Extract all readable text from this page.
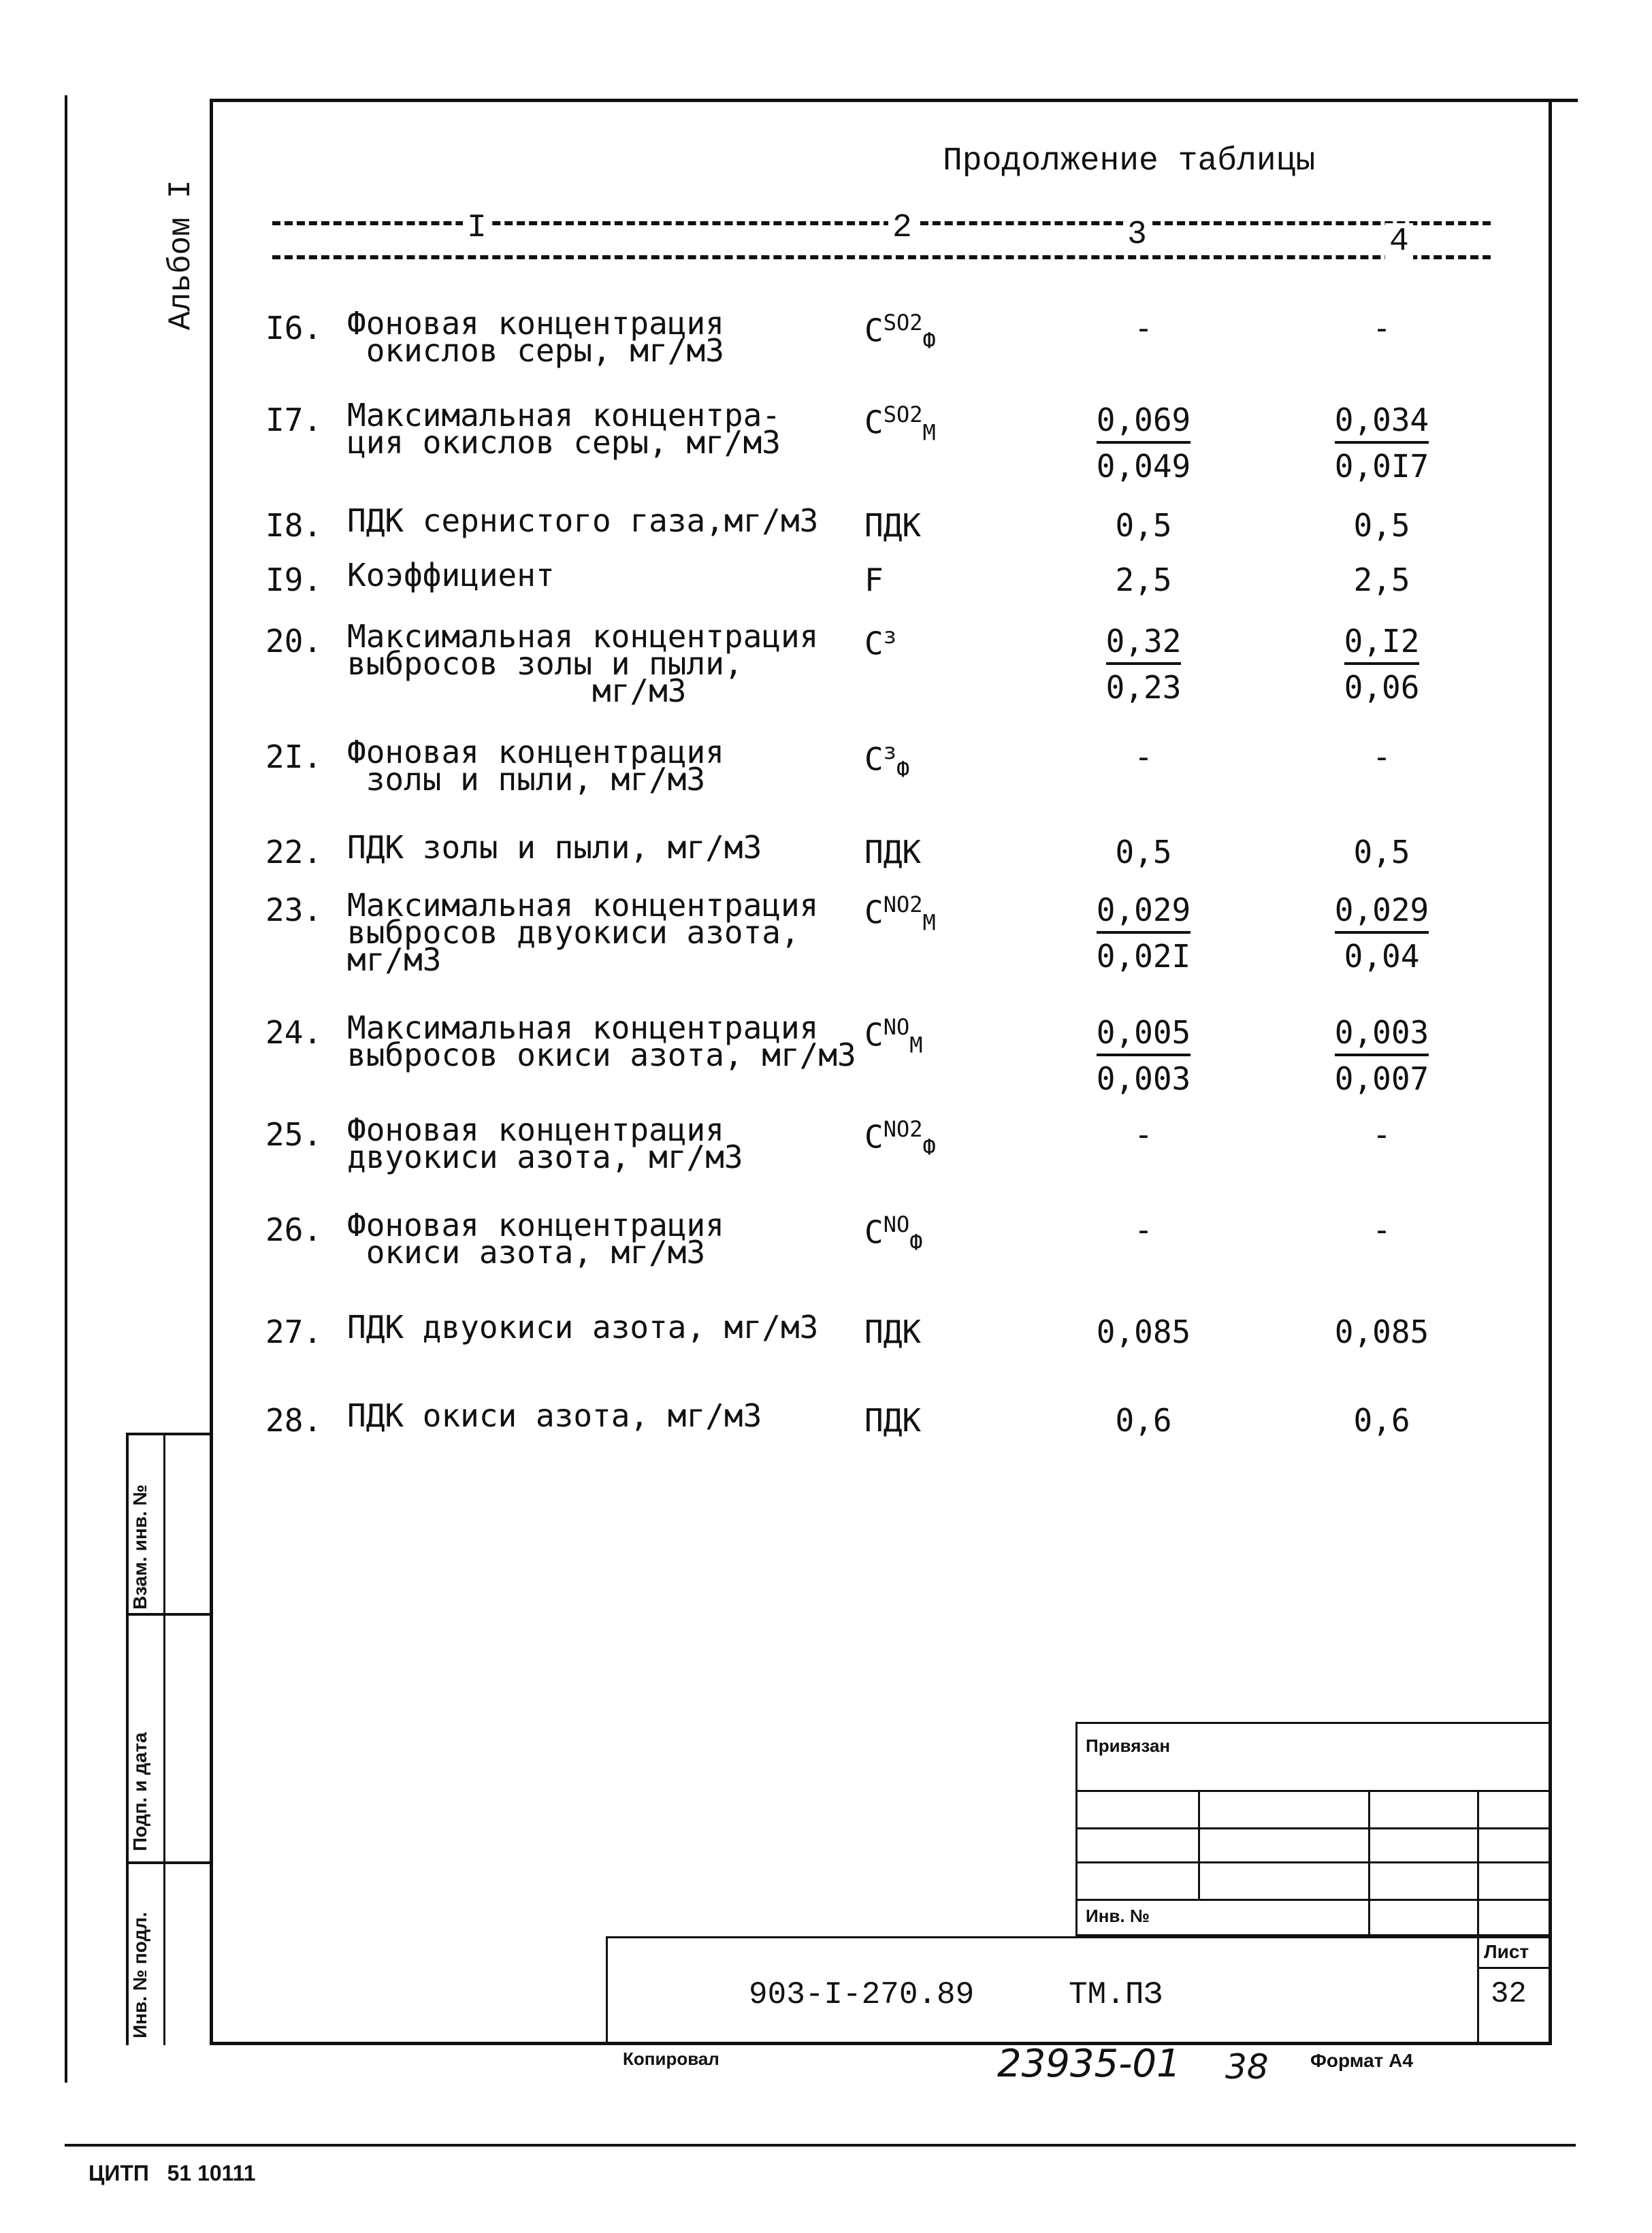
Альбом I
Продолжение таблицы
I	2	3	4
I6. Фоновая концентрация
окислов серы, мг/м3
$C^{SO2}_Ф$	-	-
I7. Максимальная концентра-
ция окислов серы, мг/м3
$C^{SO2}_М$	$\frac{0,069}{0,049}$	$\frac{0,034}{0,0I7}$
I8. ПДК сернистого газа,мг/м3 ПДК	0,5	0,5
I9. Коэффициент	F	2,5	2,5
20. Максимальная концентрация
выбросов золы и пыли,
мг/м3
$C^з$	$\frac{0,32}{0,23}$	$\frac{0,I2}{0,06}$
2I. Фоновая концентрация
золы и пыли, мг/м3
$C^з_Ф$	-	-
22. ПДК золы и пыли, мг/м3	ПДК	0,5	0,5
23. Максимальная концентрация
выбросов двуокиси азота,
мг/м3
$C^{NO2}_М$	$\frac{0,029}{0,02I}$	$\frac{0,029}{0,04}$
24. Максимальная концентрация
выбросов окиси азота, мг/м3
$C^{NO}_М$	$\frac{0,005}{0,003}$	$\frac{0,003}{0,007}$
25. Фоновая концентрация
двуокиси азота, мг/м3
$C^{NO2}_Ф$	-	-
26. Фоновая концентрация
окиси азота, мг/м3
$C^{NO}_Ф$	-	-
27. ПДК двуокиси азота, мг/м3 ПДК	0,085	0,085
28. ПДК окиси азота, мг/м3	ПДК	0,6	0,6
Взам. инв. №
Подп. и дата
Инв. № подл.
Привязан
Инв. №
903-I-270.89	ТМ.ПЗ
Лист
32
Копировал	23935-01 38 Формат А4
ЦИТП   51 10111
